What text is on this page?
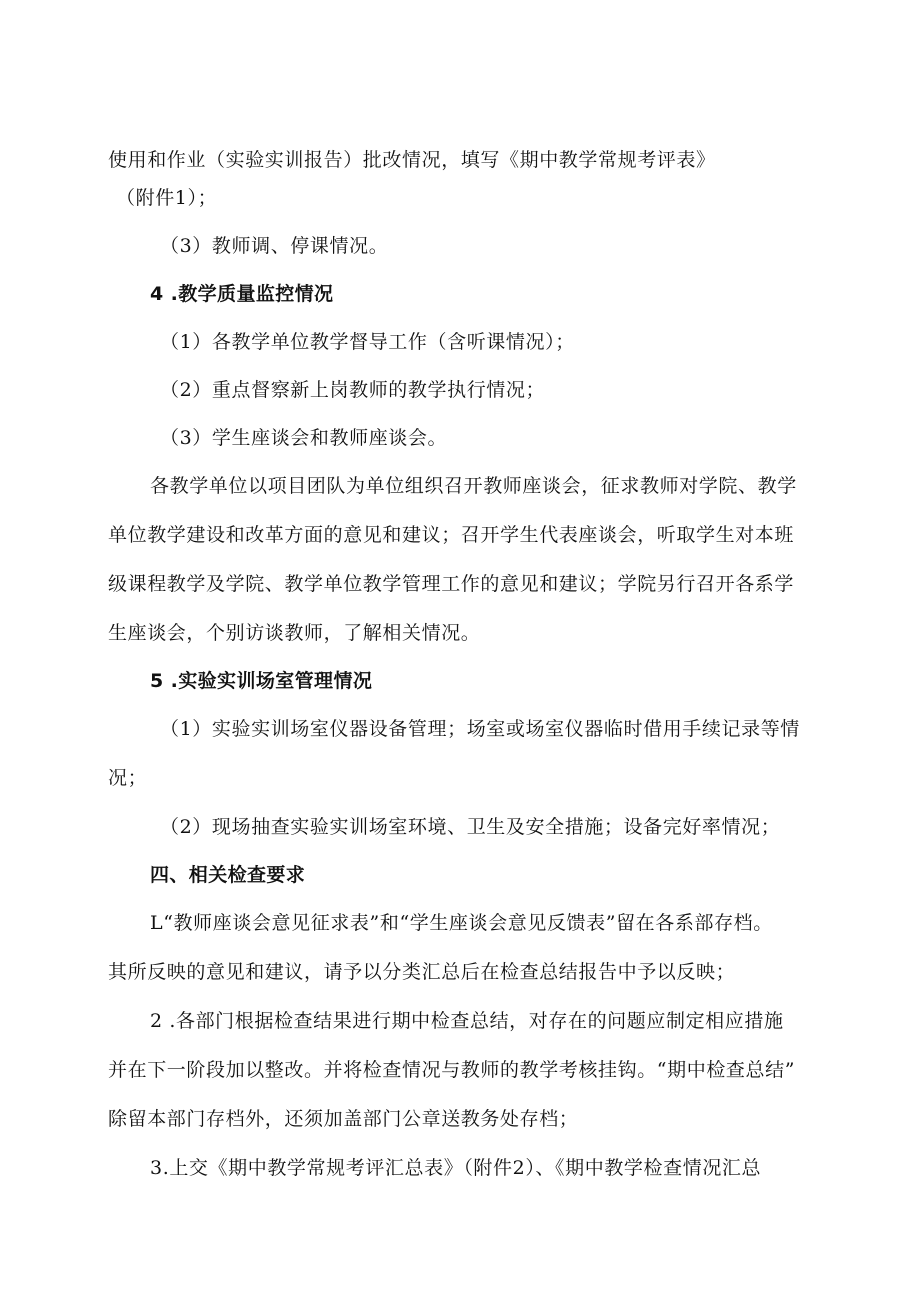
使用和作业（实验实训报告）批改情况，填写《期中教学常规考评表》
（附件1）；
（3）教师调、停课情况。
4 .教学质量监控情况
（1）各教学单位教学督导工作（含听课情况）；
（2）重点督察新上岗教师的教学执行情况；
（3）学生座谈会和教师座谈会。
各教学单位以项目团队为单位组织召开教师座谈会，征求教师对学院、教学
单位教学建设和改革方面的意见和建议；召开学生代表座谈会，听取学生对本班
级课程教学及学院、教学单位教学管理工作的意见和建议；学院另行召开各系学
生座谈会，个别访谈教师，了解相关情况。
5 .实验实训场室管理情况
（1）实验实训场室仪器设备管理；场室或场室仪器临时借用手续记录等情
况；
（2）现场抽查实验实训场室环境、卫生及安全措施；设备完好率情况；
四、相关检查要求
L“教师座谈会意见征求表”和“学生座谈会意见反馈表”留在各系部存档。
其所反映的意见和建议，请予以分类汇总后在检查总结报告中予以反映；
2 .各部门根据检查结果进行期中检查总结，对存在的问题应制定相应措施
并在下一阶段加以整改。并将检查情况与教师的教学考核挂钩。“期中检查总结”
除留本部门存档外，还须加盖部门公章送教务处存档；
3.上交《期中教学常规考评汇总表》（附件2）、《期中教学检查情况汇总
